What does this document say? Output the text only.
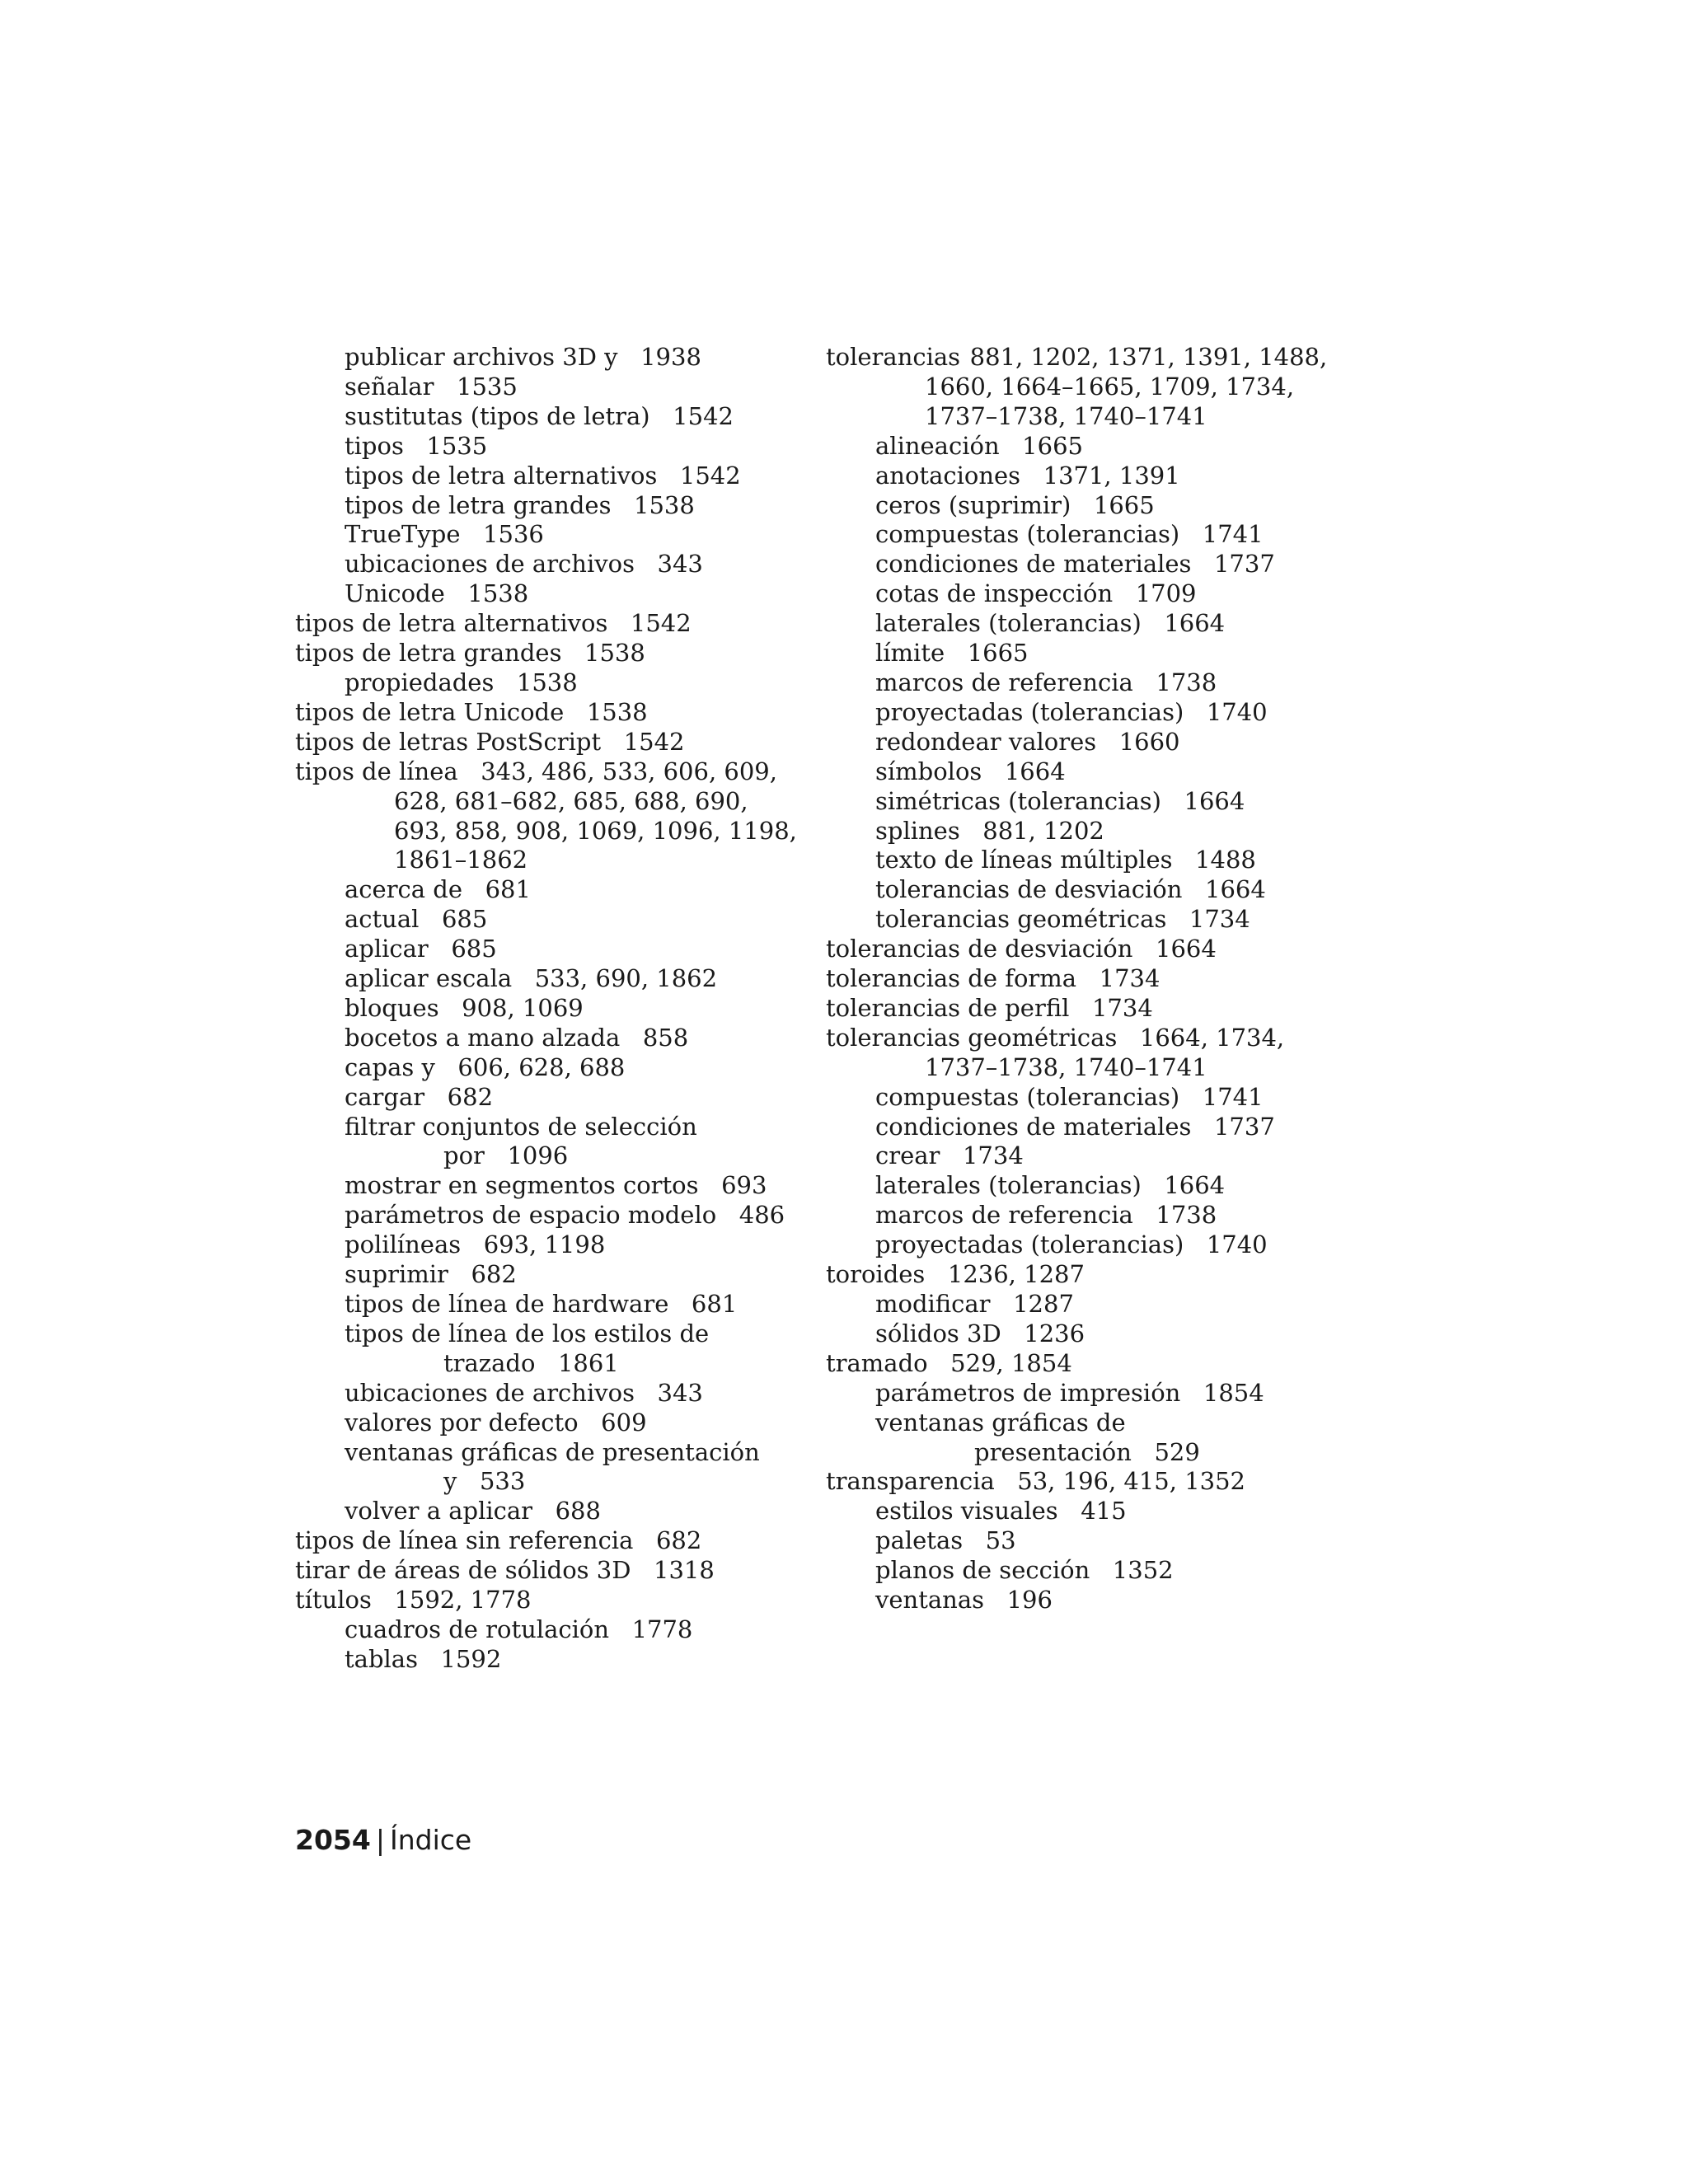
publicar archivos 3D y 1938
señalar 1535
sustitutas (tipos de letra) 1542
tipos 1535
tipos de letra alternativos 1542
tipos de letra grandes 1538
TrueType 1536
ubicaciones de archivos 343
Unicode 1538
tipos de letra alternativos 1542
tipos de letra grandes 1538
propiedades 1538
tipos de letra Unicode 1538
tipos de letras PostScript 1542
tipos de línea 343, 486, 533, 606, 609,
628, 681–682, 685, 688, 690,
693, 858, 908, 1069, 1096, 1198,
1861–1862
acerca de 681
actual 685
aplicar 685
aplicar escala 533, 690, 1862
bloques 908, 1069
bocetos a mano alzada 858
capas y 606, 628, 688
cargar 682
filtrar conjuntos de selección
por 1096
mostrar en segmentos cortos 693
parámetros de espacio modelo 486
polilíneas 693, 1198
suprimir 682
tipos de línea de hardware 681
tipos de línea de los estilos de
trazado 1861
ubicaciones de archivos 343
valores por defecto 609
ventanas gráficas de presentación
y 533
volver a aplicar 688
tipos de línea sin referencia 682
tirar de áreas de sólidos 3D 1318
títulos 1592, 1778
cuadros de rotulación 1778
tablas 1592
tolerancias 881, 1202, 1371, 1391, 1488,
1660, 1664–1665, 1709, 1734,
1737–1738, 1740–1741
alineación 1665
anotaciones 1371, 1391
ceros (suprimir) 1665
compuestas (tolerancias) 1741
condiciones de materiales 1737
cotas de inspección 1709
laterales (tolerancias) 1664
límite 1665
marcos de referencia 1738
proyectadas (tolerancias) 1740
redondear valores 1660
símbolos 1664
simétricas (tolerancias) 1664
splines 881, 1202
texto de líneas múltiples 1488
tolerancias de desviación 1664
tolerancias geométricas 1734
tolerancias de desviación 1664
tolerancias de forma 1734
tolerancias de perfil 1734
tolerancias geométricas 1664, 1734,
1737–1738, 1740–1741
compuestas (tolerancias) 1741
condiciones de materiales 1737
crear 1734
laterales (tolerancias) 1664
marcos de referencia 1738
proyectadas (tolerancias) 1740
toroides 1236, 1287
modificar 1287
sólidos 3D 1236
tramado 529, 1854
parámetros de impresión 1854
ventanas gráficas de
presentación 529
transparencia 53, 196, 415, 1352
estilos visuales 415
paletas 53
planos de sección 1352
ventanas 196
2054 | Índice
